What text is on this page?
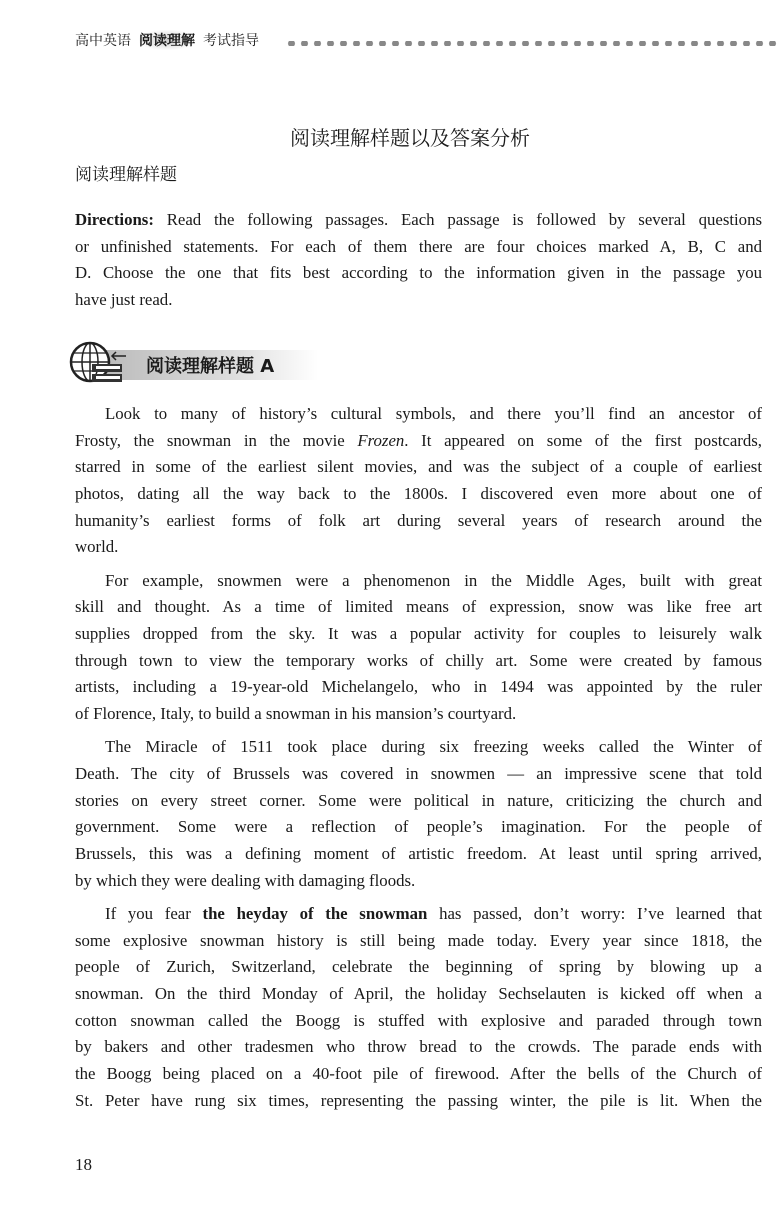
高中英语 阅读理解 考试指导
阅读理解样题以及答案分析
阅读理解样题
Directions: Read the following passages. Each passage is followed by several questions
or unfinished statements. For each of them there are four choices marked A, B, C and
D. Choose the one that fits best according to the information given in the passage you
have just read.
阅读理解样题 A
Look to many of history’s cultural symbols, and there you’ll find an ancestor of
Frosty, the snowman in the movie Frozen. It appeared on some of the first postcards,
starred in some of the earliest silent movies, and was the subject of a couple of earliest
photos, dating all the way back to the 1800s. I discovered even more about one of
humanity’s earliest forms of folk art during several years of research around the
world.
For example, snowmen were a phenomenon in the Middle Ages, built with great
skill and thought. As a time of limited means of expression, snow was like free art
supplies dropped from the sky. It was a popular activity for couples to leisurely walk
through town to view the temporary works of chilly art. Some were created by famous
artists, including a 19-year-old Michelangelo, who in 1494 was appointed by the ruler
of Florence, Italy, to build a snowman in his mansion’s courtyard.
The Miracle of 1511 took place during six freezing weeks called the Winter of
Death. The city of Brussels was covered in snowmen — an impressive scene that told
stories on every street corner. Some were political in nature, criticizing the church and
government. Some were a reflection of people’s imagination. For the people of
Brussels, this was a defining moment of artistic freedom. At least until spring arrived,
by which they were dealing with damaging floods.
If you fear the heyday of the snowman has passed, don’t worry: I’ve learned that
some explosive snowman history is still being made today. Every year since 1818, the
people of Zurich, Switzerland, celebrate the beginning of spring by blowing up a
snowman. On the third Monday of April, the holiday Sechselauten is kicked off when a
cotton snowman called the Boogg is stuffed with explosive and paraded through town
by bakers and other tradesmen who throw bread to the crowds. The parade ends with
the Boogg being placed on a 40-foot pile of firewood. After the bells of the Church of
St. Peter have rung six times, representing the passing winter, the pile is lit. When the
18
